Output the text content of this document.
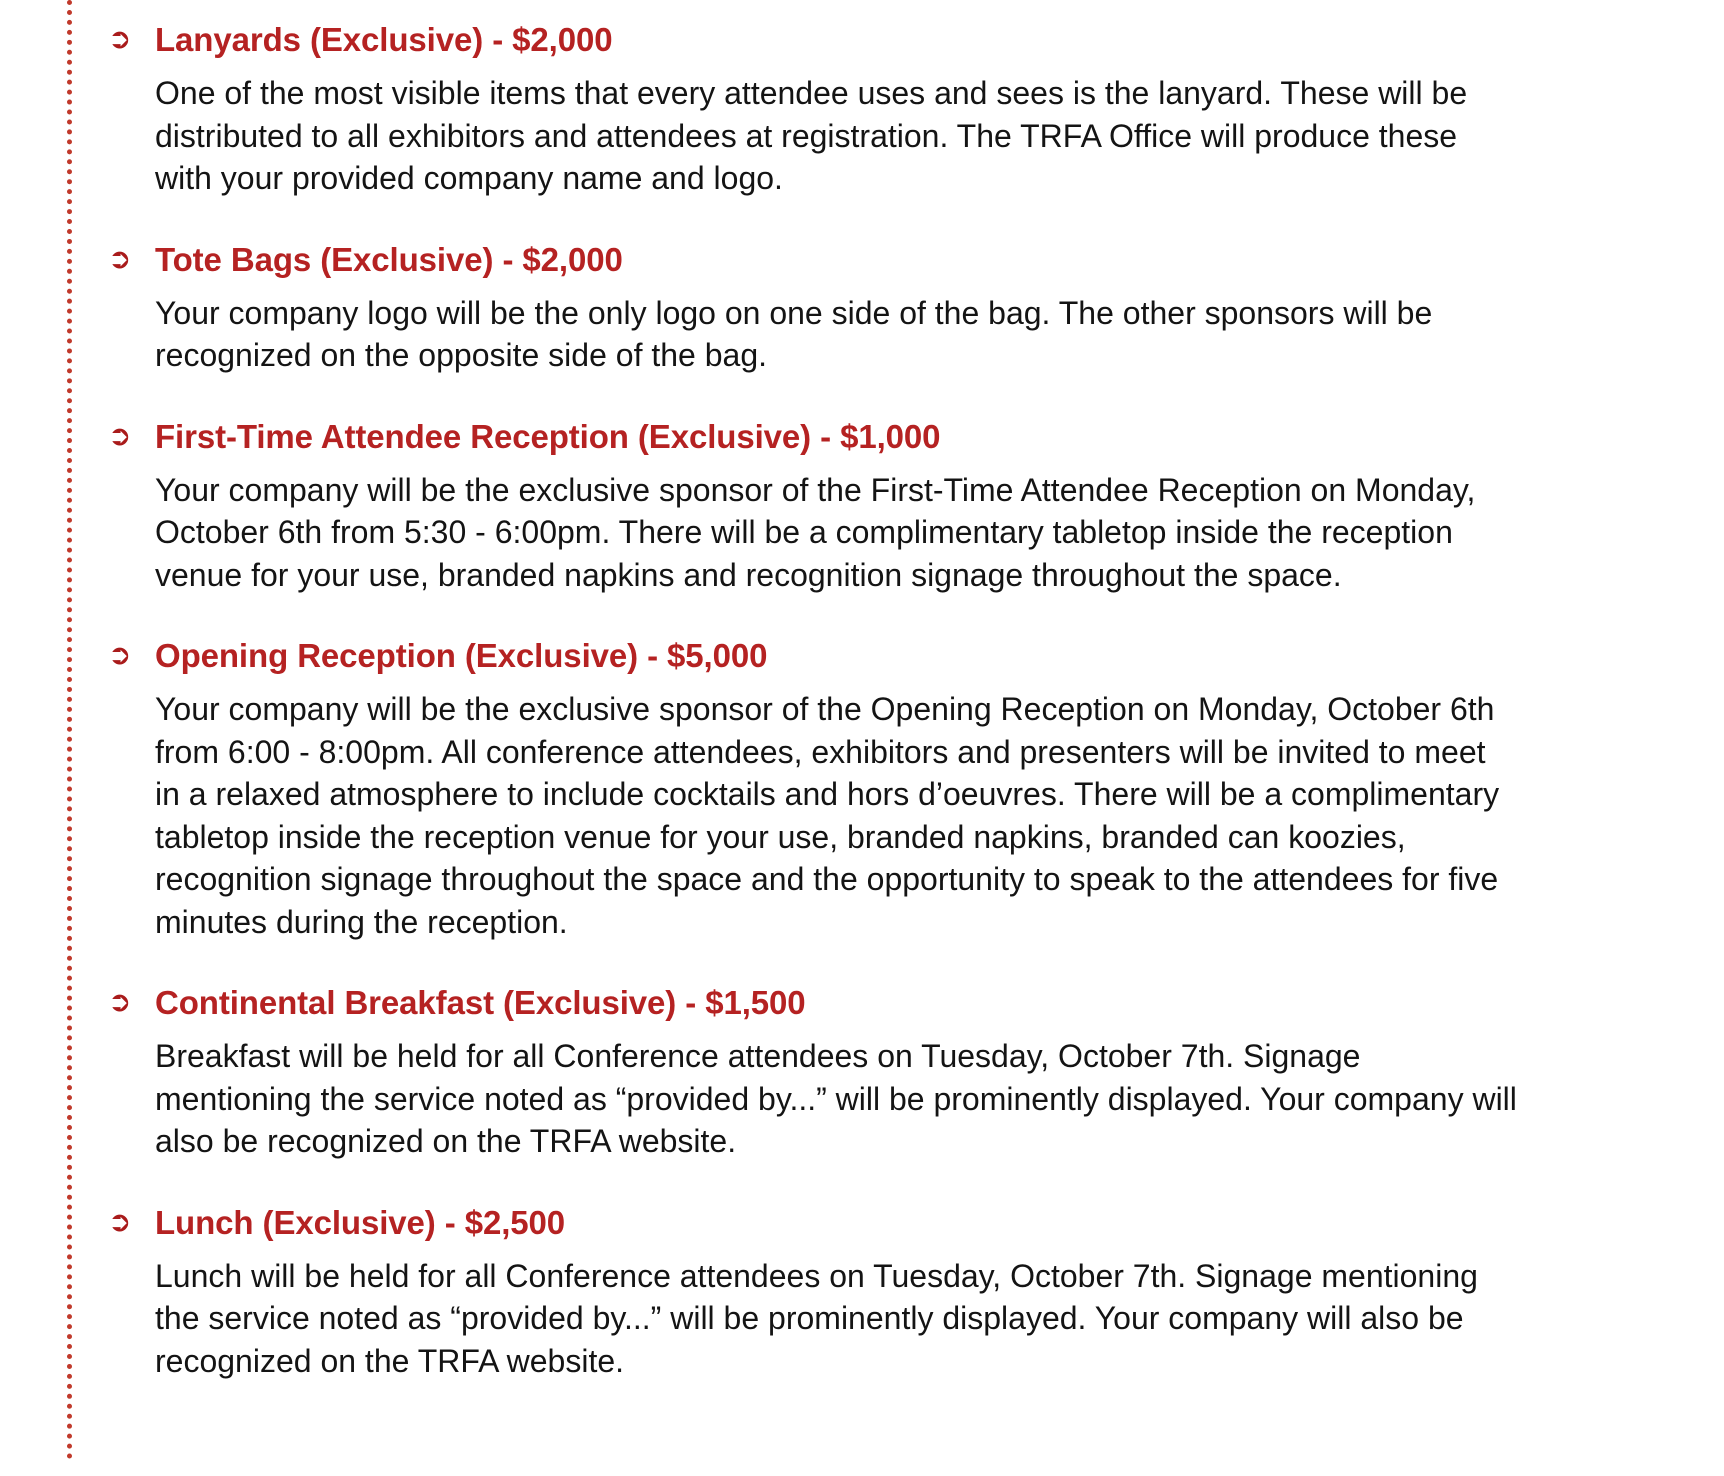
➲ Lanyards (Exclusive) - $2,000
One of the most visible items that every attendee uses and sees is the lanyard. These will be
distributed to all exhibitors and attendees at registration. The TRFA Office will produce these
with your provided company name and logo.
➲ Tote Bags (Exclusive) - $2,000
Your company logo will be the only logo on one side of the bag. The other sponsors will be
recognized on the opposite side of the bag.
➲ First-Time Attendee Reception (Exclusive) - $1,000
Your company will be the exclusive sponsor of the First-Time Attendee Reception on Monday,
October 6th from 5:30 - 6:00pm. There will be a complimentary tabletop inside the reception
venue for your use, branded napkins and recognition signage throughout the space.
➲ Opening Reception (Exclusive) - $5,000
Your company will be the exclusive sponsor of the Opening Reception on Monday, October 6th
from 6:00 - 8:00pm. All conference attendees, exhibitors and presenters will be invited to meet
in a relaxed atmosphere to include cocktails and hors d’oeuvres. There will be a complimentary
tabletop inside the reception venue for your use, branded napkins, branded can koozies,
recognition signage throughout the space and the opportunity to speak to the attendees for five
minutes during the reception.
➲ Continental Breakfast (Exclusive) - $1,500
Breakfast will be held for all Conference attendees on Tuesday, October 7th. Signage
mentioning the service noted as “provided by...” will be prominently displayed. Your company will
also be recognized on the TRFA website.
➲ Lunch (Exclusive) - $2,500
Lunch will be held for all Conference attendees on Tuesday, October 7th. Signage mentioning
the service noted as “provided by...” will be prominently displayed. Your company will also be
recognized on the TRFA website.
